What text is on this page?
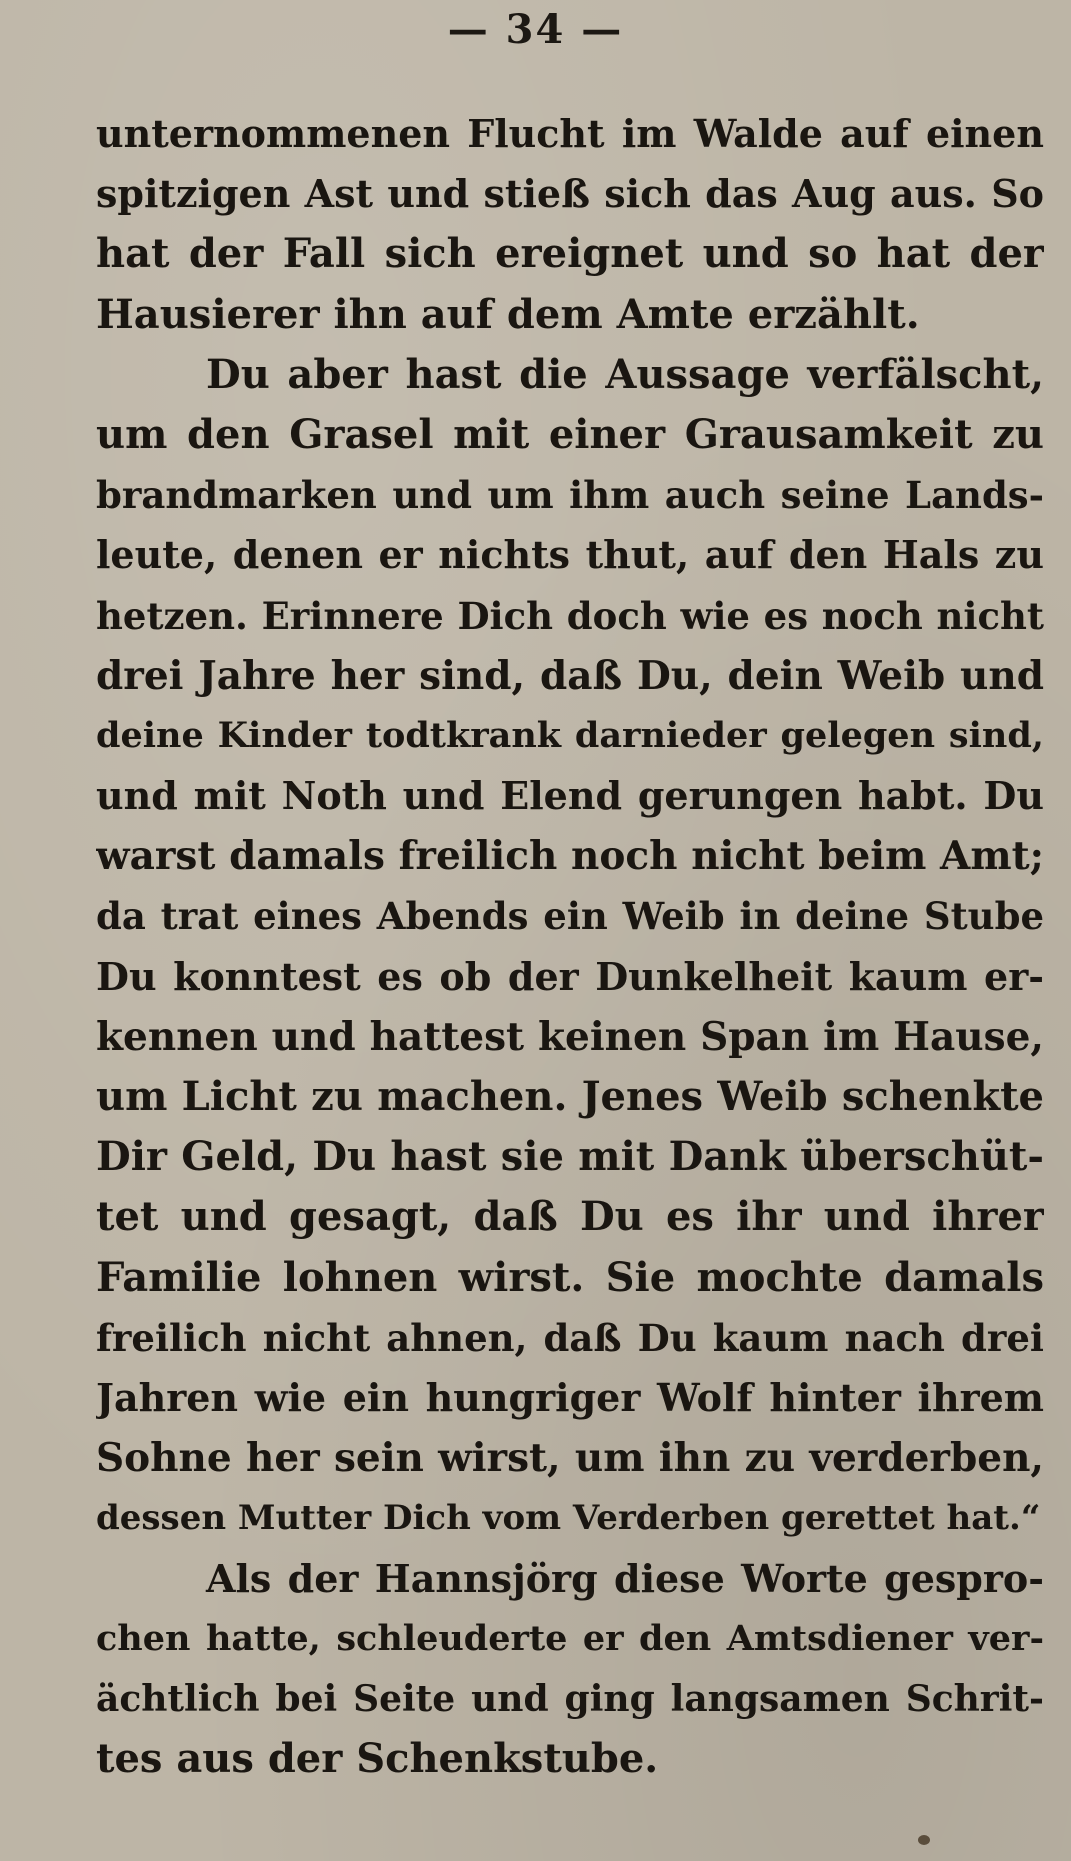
— 34 —
unternommenen Flucht im Walde auf einen
spitzigen Ast und stieß sich das Aug aus. So
hat der Fall sich ereignet und so hat der
Hausierer ihn auf dem Amte erzählt.
Du aber hast die Aussage verfälscht,
um den Grasel mit einer Grausamkeit zu
brandmarken und um ihm auch seine Lands-
leute, denen er nichts thut, auf den Hals zu
hetzen. Erinnere Dich doch wie es noch nicht
drei Jahre her sind, daß Du, dein Weib und
deine Kinder todtkrank darnieder gelegen sind,
und mit Noth und Elend gerungen habt. Du
warst damals freilich noch nicht beim Amt;
da trat eines Abends ein Weib in deine Stube
Du konntest es ob der Dunkelheit kaum er-
kennen und hattest keinen Span im Hause,
um Licht zu machen. Jenes Weib schenkte
Dir Geld, Du hast sie mit Dank überschüt-
tet und gesagt, daß Du es ihr und ihrer
Familie lohnen wirst. Sie mochte damals
freilich nicht ahnen, daß Du kaum nach drei
Jahren wie ein hungriger Wolf hinter ihrem
Sohne her sein wirst, um ihn zu verderben,
dessen Mutter Dich vom Verderben gerettet hat.“
Als der Hannsjörg diese Worte gespro-
chen hatte, schleuderte er den Amtsdiener ver-
ächtlich bei Seite und ging langsamen Schrit-
tes aus der Schenkstube.
